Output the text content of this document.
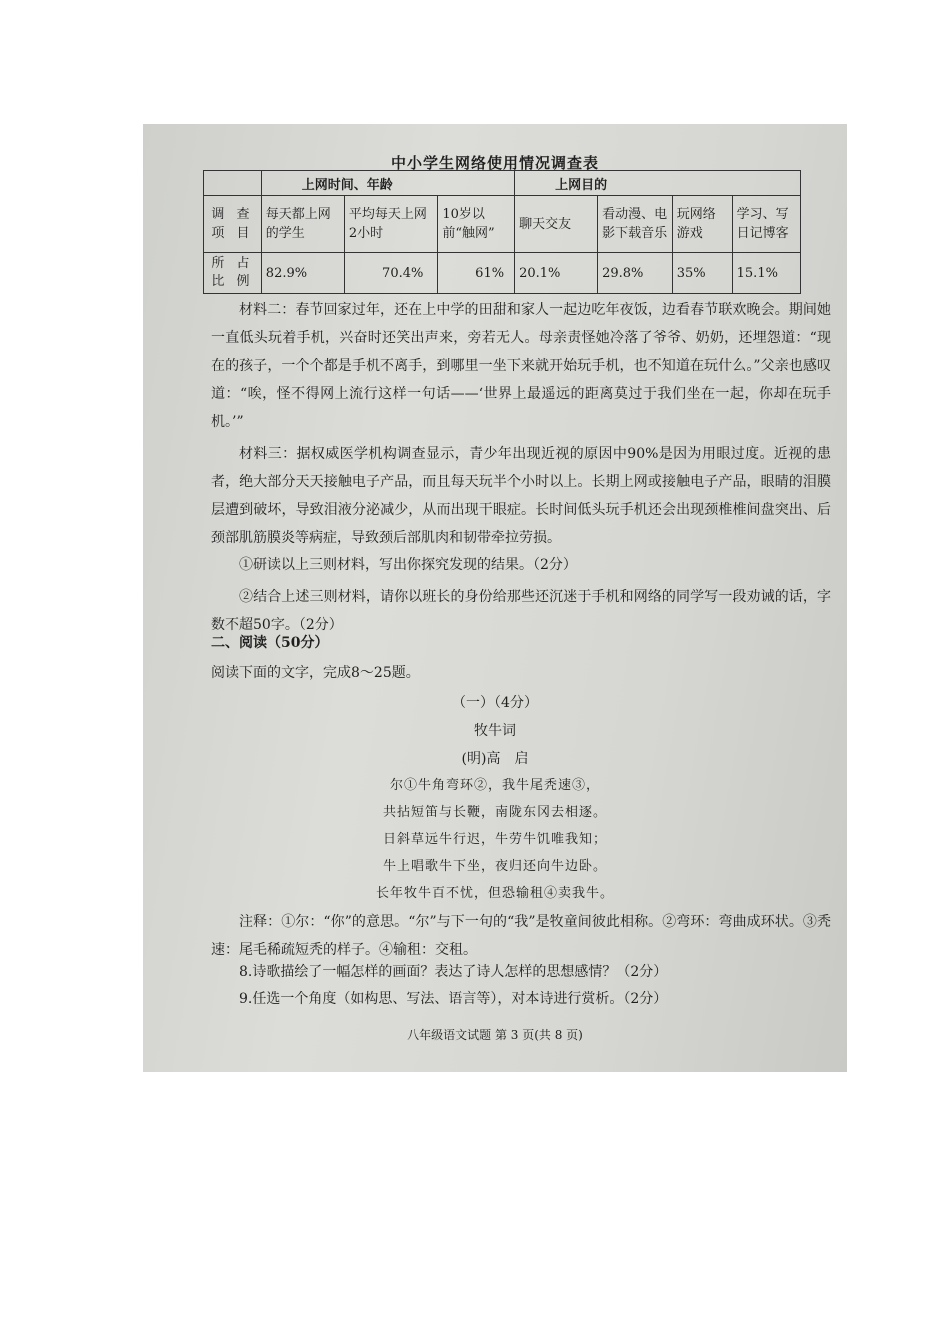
中小学生网络使用情况调查表
	上网时间、年龄			上网目的			
调 查 项 目	每天都上网的学生	平均每天上网2小时	10岁以前“触网”	聊天交友	看动漫、电影下载音乐	玩网络游戏	学习、写日记博客
所 占 比 例	82.9%	70.4%	61%	20.1%	29.8%	35%	15.1%
材料二：春节回家过年，还在上中学的田甜和家人一起边吃年夜饭，边看春节联欢晚会。期间她一直低头玩着手机，兴奋时还笑出声来，旁若无人。母亲责怪她冷落了爷爷、奶奶，还埋怨道：“现在的孩子，一个个都是手机不离手，到哪里一坐下来就开始玩手机，也不知道在玩什么。”父亲也感叹道：“唉，怪不得网上流行这样一句话——‘世界上最遥远的距离莫过于我们坐在一起，你却在玩手机。’”
材料三：据权威医学机构调查显示，青少年出现近视的原因中90%是因为用眼过度。近视的患者，绝大部分天天接触电子产品，而且每天玩半个小时以上。长期上网或接触电子产品，眼睛的泪膜层遭到破坏，导致泪液分泌减少，从而出现干眼症。长时间低头玩手机还会出现颈椎椎间盘突出、后颈部肌筋膜炎等病症，导致颈后部肌肉和韧带牵拉劳损。
①研读以上三则材料，写出你探究发现的结果。（2分）
②结合上述三则材料，请你以班长的身份给那些还沉迷于手机和网络的同学写一段劝诫的话，字数不超50字。（2分）
二、阅读（50分）
阅读下面的文字，完成8～25题。
（一）（4分）
牧牛词
(明)高　启
尔①牛角弯环②，我牛尾秃速③，
共拈短笛与长鞭，南陇东冈去相逐。
日斜草远牛行迟，牛劳牛饥唯我知；
牛上唱歌牛下坐，夜归还向牛边卧。
长年牧牛百不忧，但恐输租④卖我牛。
注释：①尔：“你”的意思。“尔”与下一句的“我”是牧童间彼此相称。②弯环：弯曲成环状。③秃速：尾毛稀疏短秃的样子。④输租：交租。
8.诗歌描绘了一幅怎样的画面？表达了诗人怎样的思想感情？（2分）
9.任选一个角度（如构思、写法、语言等），对本诗进行赏析。（2分）
八年级语文试题 第 3 页(共 8 页)
